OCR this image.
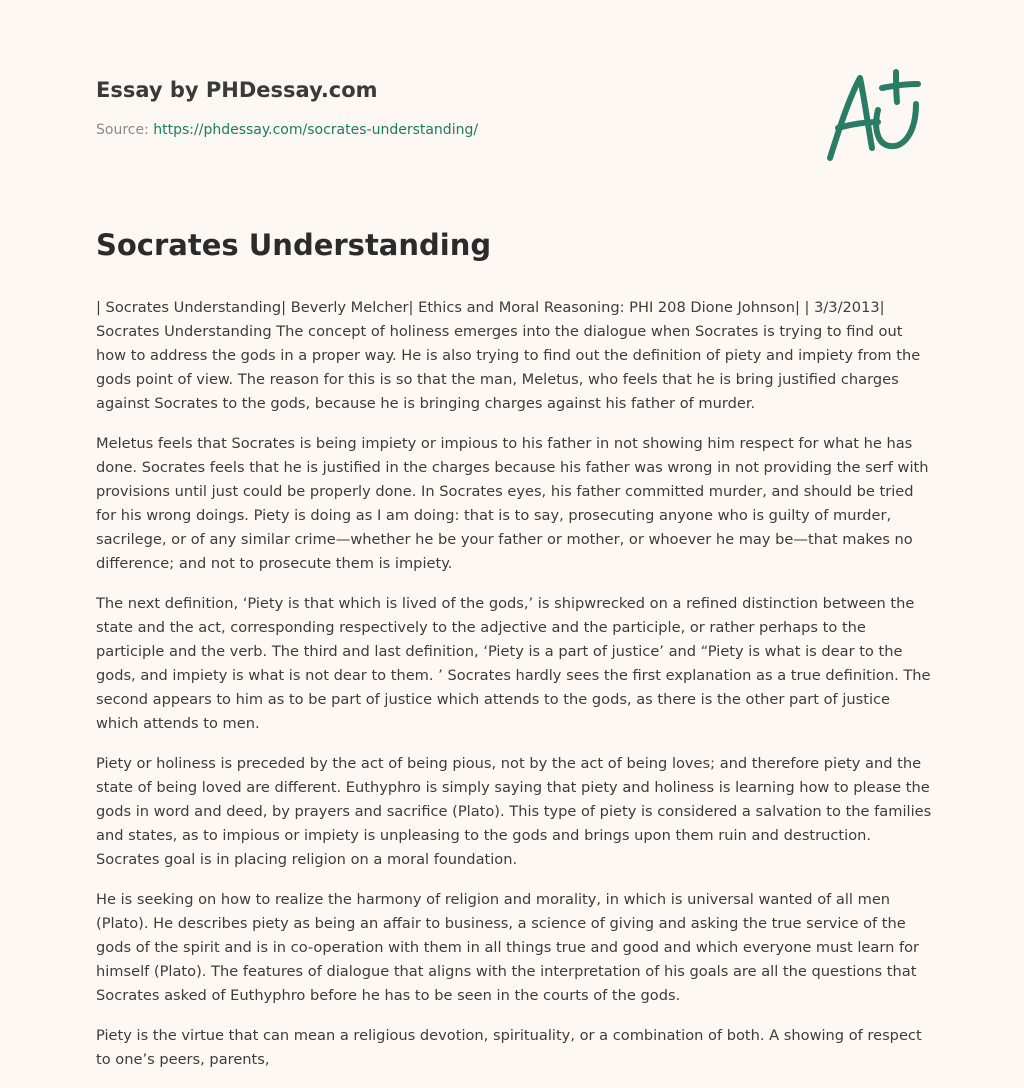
Essay by PHDessay.com
Source: https://phdessay.com/socrates-understanding/
Socrates Understanding

| Socrates Understanding| Beverly Melcher| Ethics and Moral Reasoning: PHI 208 Dione Johnson| | 3/3/2013| Socrates Understanding The concept of holiness emerges into the dialogue when Socrates is trying to find out how to address the gods in a proper way. He is also trying to find out the definition of piety and impiety from the gods point of view. The reason for this is so that the man, Meletus, who feels that he is bring justified charges against Socrates to the gods, because he is bringing charges against his father of murder.

Meletus feels that Socrates is being impiety or impious to his father in not showing him respect for what he has done. Socrates feels that he is justified in the charges because his father was wrong in not providing the serf with provisions until just could be properly done. In Socrates eyes, his father committed murder, and should be tried for his wrong doings. Piety is doing as I am doing: that is to say, prosecuting anyone who is guilty of murder, sacrilege, or of any similar crime—whether he be your father or mother, or whoever he may be—that makes no difference; and not to prosecute them is impiety.

The next definition, ‘Piety is that which is lived of the gods,’ is shipwrecked on a refined distinction between the state and the act, corresponding respectively to the adjective and the participle, or rather perhaps to the participle and the verb. The third and last definition, ‘Piety is a part of justice’ and “Piety is what is dear to the gods, and impiety is what is not dear to them. ’ Socrates hardly sees the first explanation as a true definition. The second appears to him as to be part of justice which attends to the gods, as there is the other part of justice which attends to men.

Piety or holiness is preceded by the act of being pious, not by the act of being loves; and therefore piety and the state of being loved are different. Euthyphro is simply saying that piety and holiness is learning how to please the gods in word and deed, by prayers and sacrifice (Plato). This type of piety is considered a salvation to the families and states, as to impious or impiety is unpleasing to the gods and brings upon them ruin and destruction. Socrates goal is in placing religion on a moral foundation.

He is seeking on how to realize the harmony of religion and morality, in which is universal wanted of all men (Plato). He describes piety as being an affair to business, a science of giving and asking the true service of the gods of the spirit and is in co-operation with them in all things true and good and which everyone must learn for himself (Plato). The features of dialogue that aligns with the interpretation of his goals are all the questions that Socrates asked of Euthyphro before he has to be seen in the courts of the gods.

Piety is the virtue that can mean a religious devotion, spirituality, or a combination of both. A showing of respect to one’s peers, parents,
